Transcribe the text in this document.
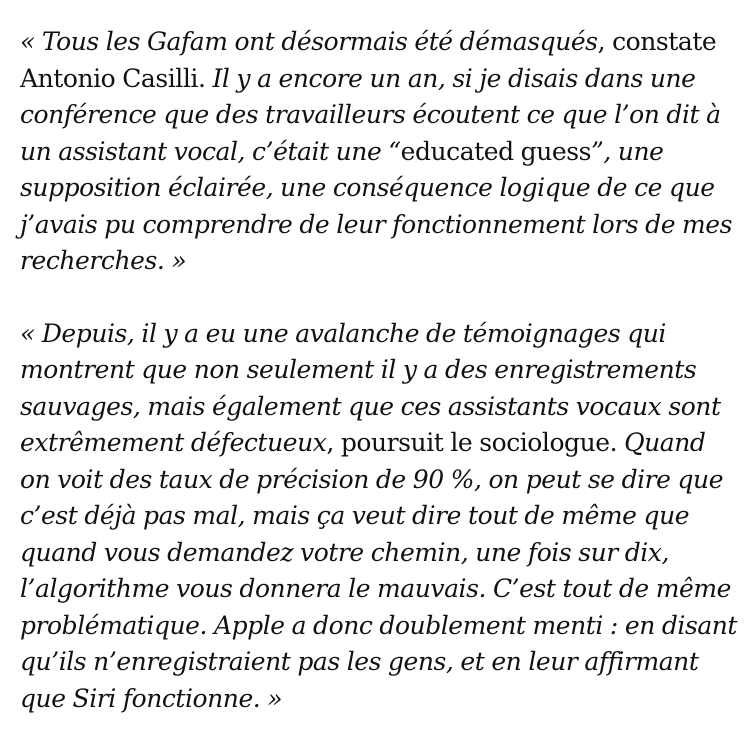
« Tous les Gafam ont désormais été démasqués, constate Antonio Casilli. Il y a encore un an, si je disais dans une conférence que des travailleurs écoutent ce que l’on dit à un assistant vocal, c’était une “educated guess”, une supposition éclairée, une conséquence logique de ce que j’avais pu comprendre de leur fonctionnement lors de mes recherches. »

« Depuis, il y a eu une avalanche de témoignages qui montrent que non seulement il y a des enregistrements sauvages, mais également que ces assistants vocaux sont extrêmement défectueux, poursuit le sociologue. Quand on voit des taux de précision de 90 %, on peut se dire que c’est déjà pas mal, mais ça veut dire tout de même que quand vous demandez votre chemin, une fois sur dix, l’algorithme vous donnera le mauvais. C’est tout de même problématique. Apple a donc doublement menti : en disant qu’ils n’enregistraient pas les gens, et en leur affirmant que Siri fonctionne. »
